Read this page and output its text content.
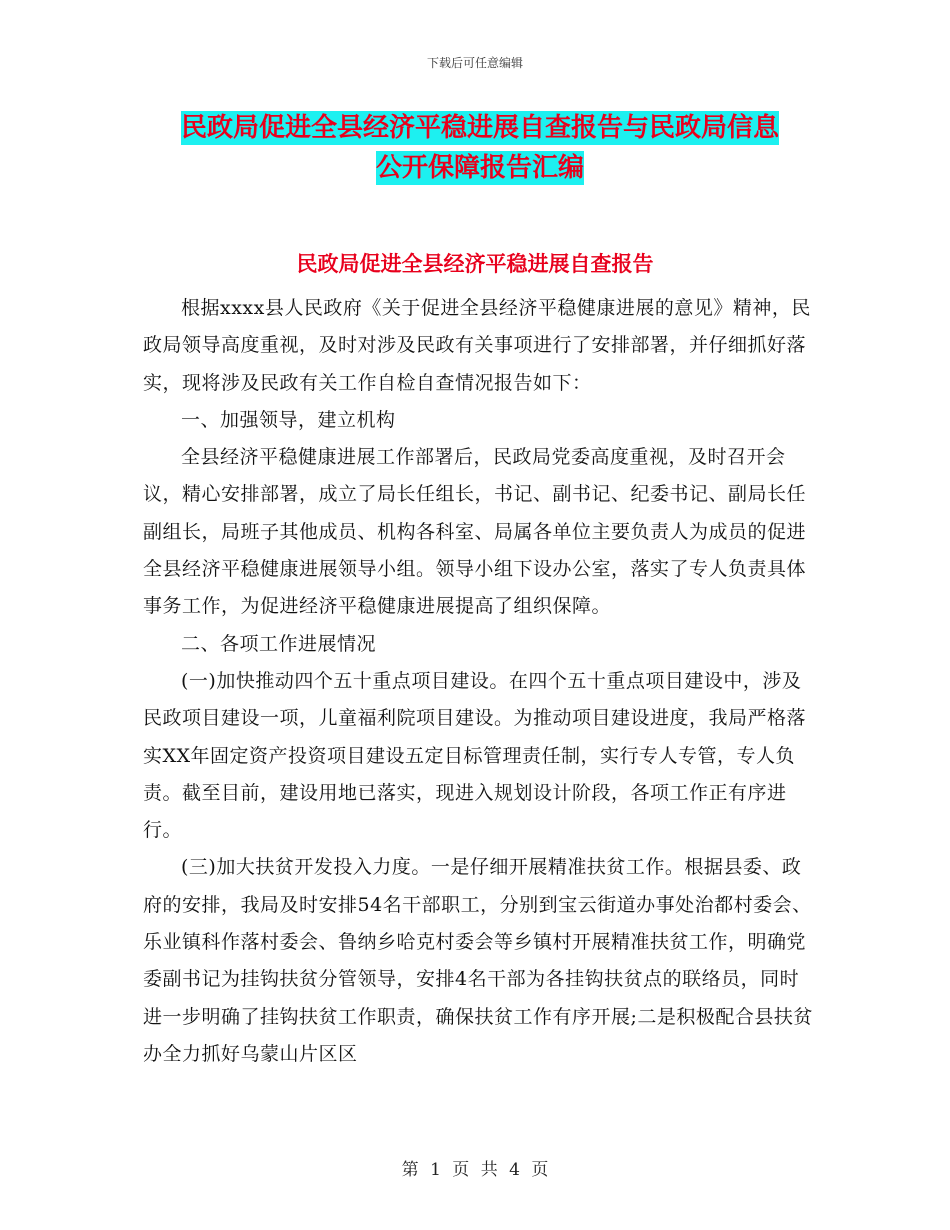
下载后可任意编辑
民政局促进全县经济平稳进展自查报告与民政局信息
公开保障报告汇编
民政局促进全县经济平稳进展自查报告

根据xxxx县人民政府《关于促进全县经济平稳健康进展的意见》精神，民政局领导高度重视，及时对涉及民政有关事项进行了安排部署，并仔细抓好落实，现将涉及民政有关工作自检自查情况报告如下：

一、加强领导，建立机构

全县经济平稳健康进展工作部署后，民政局党委高度重视，及时召开会议，精心安排部署，成立了局长任组长，书记、副书记、纪委书记、副局长任副组长，局班子其他成员、机构各科室、局属各单位主要负责人为成员的促进全县经济平稳健康进展领导小组。领导小组下设办公室，落实了专人负责具体事务工作，为促进经济平稳健康进展提高了组织保障。

二、各项工作进展情况

(一)加快推动四个五十重点项目建设。在四个五十重点项目建设中，涉及民政项目建设一项，儿童福利院项目建设。为推动项目建设进度，我局严格落实XX年固定资产投资项目建设五定目标管理责任制，实行专人专管，专人负责。截至目前，建设用地已落实，现进入规划设计阶段，各项工作正有序进行。

(三)加大扶贫开发投入力度。一是仔细开展精准扶贫工作。根据县委、政府的安排，我局及时安排54名干部职工，分别到宝云街道办事处治都村委会、乐业镇科作落村委会、鲁纳乡哈克村委会等乡镇村开展精准扶贫工作，明确党委副书记为挂钩扶贫分管领导，安排4名干部为各挂钩扶贫点的联络员，同时进一步明确了挂钩扶贫工作职责，确保扶贫工作有序开展;二是积极配合县扶贫办全力抓好乌蒙山片区区

第 1 页 共 4 页
